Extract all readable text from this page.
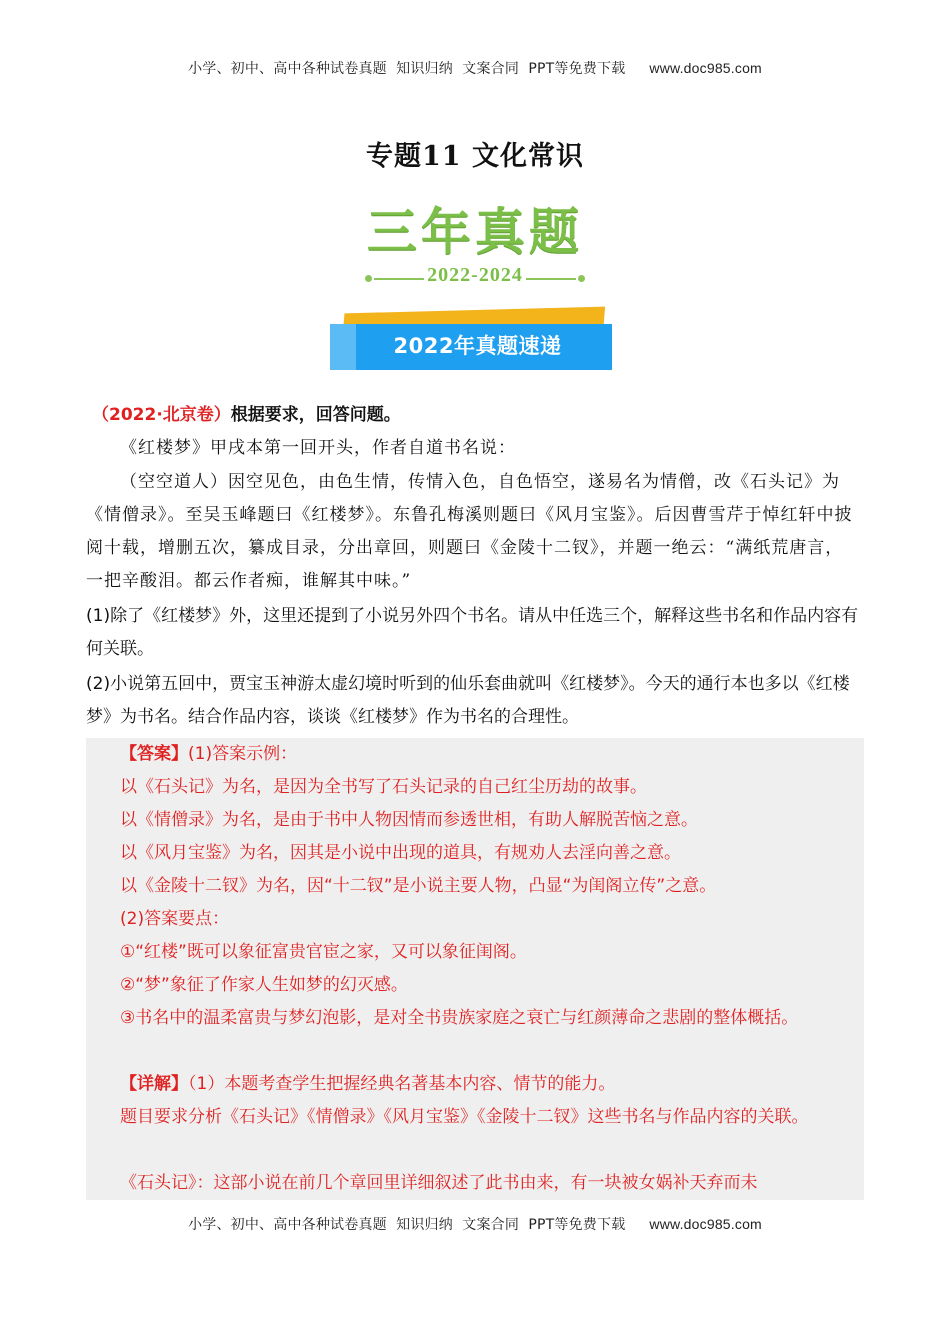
小学、初中、高中各种试卷真题  知识归纳  文案合同  PPT等免费下载 www.doc985.com
专题11 文化常识
三年真题
2022-2024
2022年真题速递
（2022·北京卷）根据要求，回答问题。
《红楼梦》甲戌本第一回开头，作者自道书名说：
（空空道人）因空见色，由色生情，传情入色，自色悟空，遂易名为情僧，改《石头记》为《情僧录》。至吴玉峰题曰《红楼梦》。东鲁孔梅溪则题曰《风月宝鉴》。后因曹雪芹于悼红轩中披阅十载，增删五次，纂成目录，分出章回，则题曰《金陵十二钗》，并题一绝云：“满纸荒唐言，一把辛酸泪。都云作者痴，谁解其中味。”
(1)除了《红楼梦》外，这里还提到了小说另外四个书名。请从中任选三个，解释这些书名和作品内容有何关联。
(2)小说第五回中，贾宝玉神游太虚幻境时听到的仙乐套曲就叫《红楼梦》。今天的通行本也多以《红楼梦》为书名。结合作品内容，谈谈《红楼梦》作为书名的合理性。
【答案】(1)答案示例：
以《石头记》为名，是因为全书写了石头记录的自己红尘历劫的故事。
以《情僧录》为名，是由于书中人物因情而参透世相，有助人解脱苦恼之意。
以《风月宝鉴》为名，因其是小说中出现的道具，有规劝人去淫向善之意。
以《金陵十二钗》为名，因“十二钗”是小说主要人物，凸显“为闺阁立传”之意。
(2)答案要点：
①“红楼”既可以象征富贵官宦之家，又可以象征闺阁。
②“梦”象征了作家人生如梦的幻灭感。
③书名中的温柔富贵与梦幻泡影，是对全书贵族家庭之衰亡与红颜薄命之悲剧的整体概括。
【详解】（1）本题考查学生把握经典名著基本内容、情节的能力。
题目要求分析《石头记》《情僧录》《风月宝鉴》《金陵十二钗》这些书名与作品内容的关联。
《石头记》：这部小说在前几个章回里详细叙述了此书由来，有一块被女娲补天弃而未
小学、初中、高中各种试卷真题  知识归纳  文案合同  PPT等免费下载 www.doc985.com
